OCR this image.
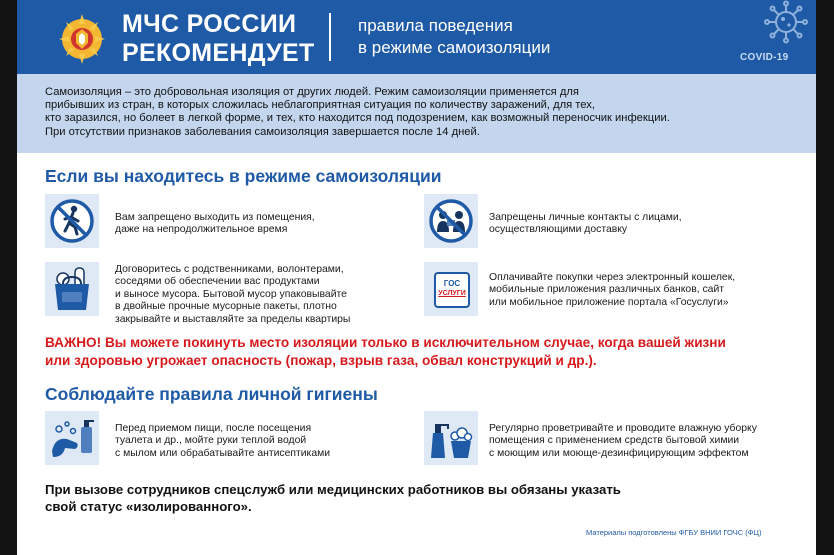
МЧС РОССИИ
РЕКОМЕНДУЕТ
правила поведения
в режиме самоизоляции
COVID-19

Самоизоляция – это добровольная изоляция от других людей. Режим самоизоляции применяется для

прибывших из стран, в которых сложилась неблагоприятная ситуация по количеству заражений, для тех,

кто заразился, но болеет в легкой форме, и тех, кто находится под подозрением, как возможный переносчик инфекции.

При отсутствии признаков заболевания самоизоляция завершается после 14 дней.

Если вы находитесь в режиме самоизоляции
Вам запрещено выходить из помещения,
даже на непродолжительное время
Запрещены личные контакты с лицами,
осуществляющими доставку
Договоритесь с родственниками, волонтерами,
соседями об обеспечении вас продуктами
и выносе мусора. Бытовой мусор упаковывайте
в двойные прочные мусорные пакеты, плотно
закрывайте и выставляйте за пределы квартиры
ГОС
УСЛУГИ
Оплачивайте покупки через электронный кошелек,
мобильные приложения различных банков, сайт
или мобильное приложение портала «Госуслуги»
ВАЖНО! Вы можете покинуть место изоляции только в исключительном случае, когда вашей жизни
или здоровью угрожает опасность (пожар, взрыв газа, обвал конструкций и др.).
Соблюдайте правила личной гигиены
Перед приемом пищи, после посещения
туалета и др., мойте руки теплой водой
с мылом или обрабатывайте антисептиками
Регулярно проветривайте и проводите влажную уборку
помещения с применением средств бытовой химии
с моющим или моюще-дезинфицирующим эффектом
При вызове сотрудников спецслужб или медицинских работников вы обязаны указать
свой статус «изолированного».
Материалы подготовлены ФГБУ ВНИИ ГОЧС (ФЦ)
